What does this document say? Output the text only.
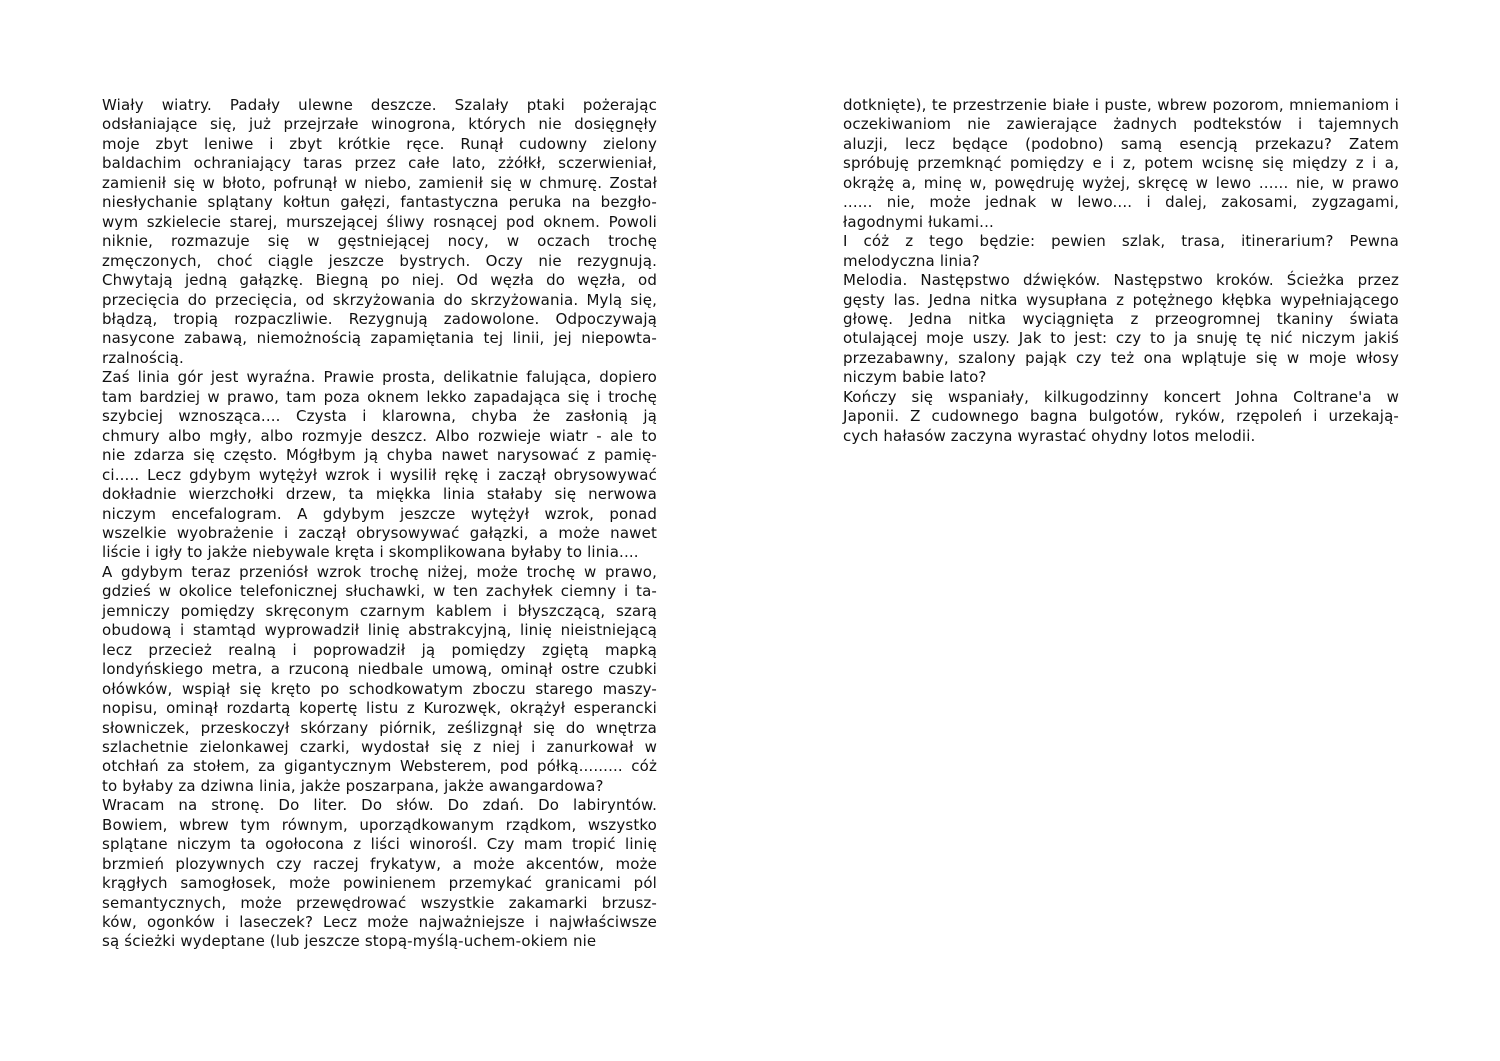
Wiały wiatry. Padały ulewne deszcze. Szalały ptaki pożerając
odsłaniające się, już przejrzałe winogrona, których nie dosięgnęły
moje zbyt leniwe i zbyt krótkie ręce. Runął cudowny zielony
baldachim ochraniający taras przez całe lato, zżółkł, sczerwieniał,
zamienił się w błoto, pofrunął w niebo, zamienił się w chmurę. Został
niesłychanie splątany kołtun gałęzi, fantastyczna peruka na bezgło-
wym szkielecie starej, murszejącej śliwy rosnącej pod oknem. Powoli
niknie, rozmazuje się w gęstniejącej nocy, w oczach trochę
zmęczonych, choć ciągle jeszcze bystrych. Oczy nie rezygnują.
Chwytają jedną gałązkę. Biegną po niej. Od węzła do węzła, od
przecięcia do przecięcia, od skrzyżowania do skrzyżowania. Mylą się,
błądzą, tropią rozpaczliwie. Rezygnują zadowolone. Odpoczywają
nasycone zabawą, niemożnością zapamiętania tej linii, jej niepowta-
rzalnością.
Zaś linia gór jest wyraźna. Prawie prosta, delikatnie falująca, dopiero
tam bardziej w prawo, tam poza oknem lekko zapadająca się i trochę
szybciej wznosząca.... Czysta i klarowna, chyba że zasłonią ją
chmury albo mgły, albo rozmyje deszcz. Albo rozwieje wiatr - ale to
nie zdarza się często. Mógłbym ją chyba nawet narysować z pamię-
ci..... Lecz gdybym wytężył wzrok i wysilił rękę i zaczął obrysowywać
dokładnie wierzchołki drzew, ta miękka linia stałaby się nerwowa
niczym encefalogram. A gdybym jeszcze wytężył wzrok, ponad
wszelkie wyobrażenie i zaczął obrysowywać gałązki, a może nawet
liście i igły to jakże niebywale kręta i skomplikowana byłaby to linia....
A gdybym teraz przeniósł wzrok trochę niżej, może trochę w prawo,
gdzieś w okolice telefonicznej słuchawki, w ten zachyłek ciemny i ta-
jemniczy pomiędzy skręconym czarnym kablem i błyszczącą, szarą
obudową i stamtąd wyprowadził linię abstrakcyjną, linię nieistniejącą
lecz przecież realną i poprowadził ją pomiędzy zgiętą mapką
londyńskiego metra, a rzuconą niedbale umową, ominął ostre czubki
ołówków, wspiął się kręto po schodkowatym zboczu starego maszy-
nopisu, ominął rozdartą kopertę listu z Kurozwęk, okrążył esperancki
słowniczek, przeskoczył skórzany piórnik, ześlizgnął się do wnętrza
szlachetnie zielonkawej czarki, wydostał się z niej i zanurkował w
otchłań za stołem, za gigantycznym Websterem, pod półką......... cóż
to byłaby za dziwna linia, jakże poszarpana, jakże awangardowa?
Wracam na stronę. Do liter. Do słów. Do zdań. Do labiryntów.
Bowiem, wbrew tym równym, uporządkowanym rządkom, wszystko
splątane niczym ta ogołocona z liści winorośl. Czy mam tropić linię
brzmień plozywnych czy raczej frykatyw, a może akcentów, może
krągłych samogłosek, może powinienem przemykać granicami pól
semantycznych, może przewędrować wszystkie zakamarki brzusz-
ków, ogonków i laseczek? Lecz może najważniejsze i najwłaściwsze
są ścieżki wydeptane (lub jeszcze stopą-myślą-uchem-okiem nie
dotknięte), te przestrzenie białe i puste, wbrew pozorom, mniemaniom i
oczekiwaniom nie zawierające żadnych podtekstów i tajemnych
aluzji, lecz będące (podobno) samą esencją przekazu? Zatem
spróbuję przemknąć pomiędzy e i z, potem wcisnę się między z i a,
okrążę a, minę w, powędruję wyżej, skręcę w lewo ...... nie, w prawo
...... nie, może jednak w lewo.... i dalej, zakosami, zygzagami,
łagodnymi łukami...
I cóż z tego będzie: pewien szlak, trasa, itinerarium? Pewna
melodyczna linia?
Melodia. Następstwo dźwięków. Następstwo kroków. Ścieżka przez
gęsty las. Jedna nitka wysupłana z potężnego kłębka wypełniającego
głowę. Jedna nitka wyciągnięta z przeogromnej tkaniny świata
otulającej moje uszy. Jak to jest: czy to ja snuję tę nić niczym jakiś
przezabawny, szalony pająk czy też ona wplątuje się w moje włosy
niczym babie lato?
Kończy się wspaniały, kilkugodzinny koncert Johna Coltrane'a w
Japonii. Z cudownego bagna bulgotów, ryków, rzępoleń i urzekają-
cych hałasów zaczyna wyrastać ohydny lotos melodii.
